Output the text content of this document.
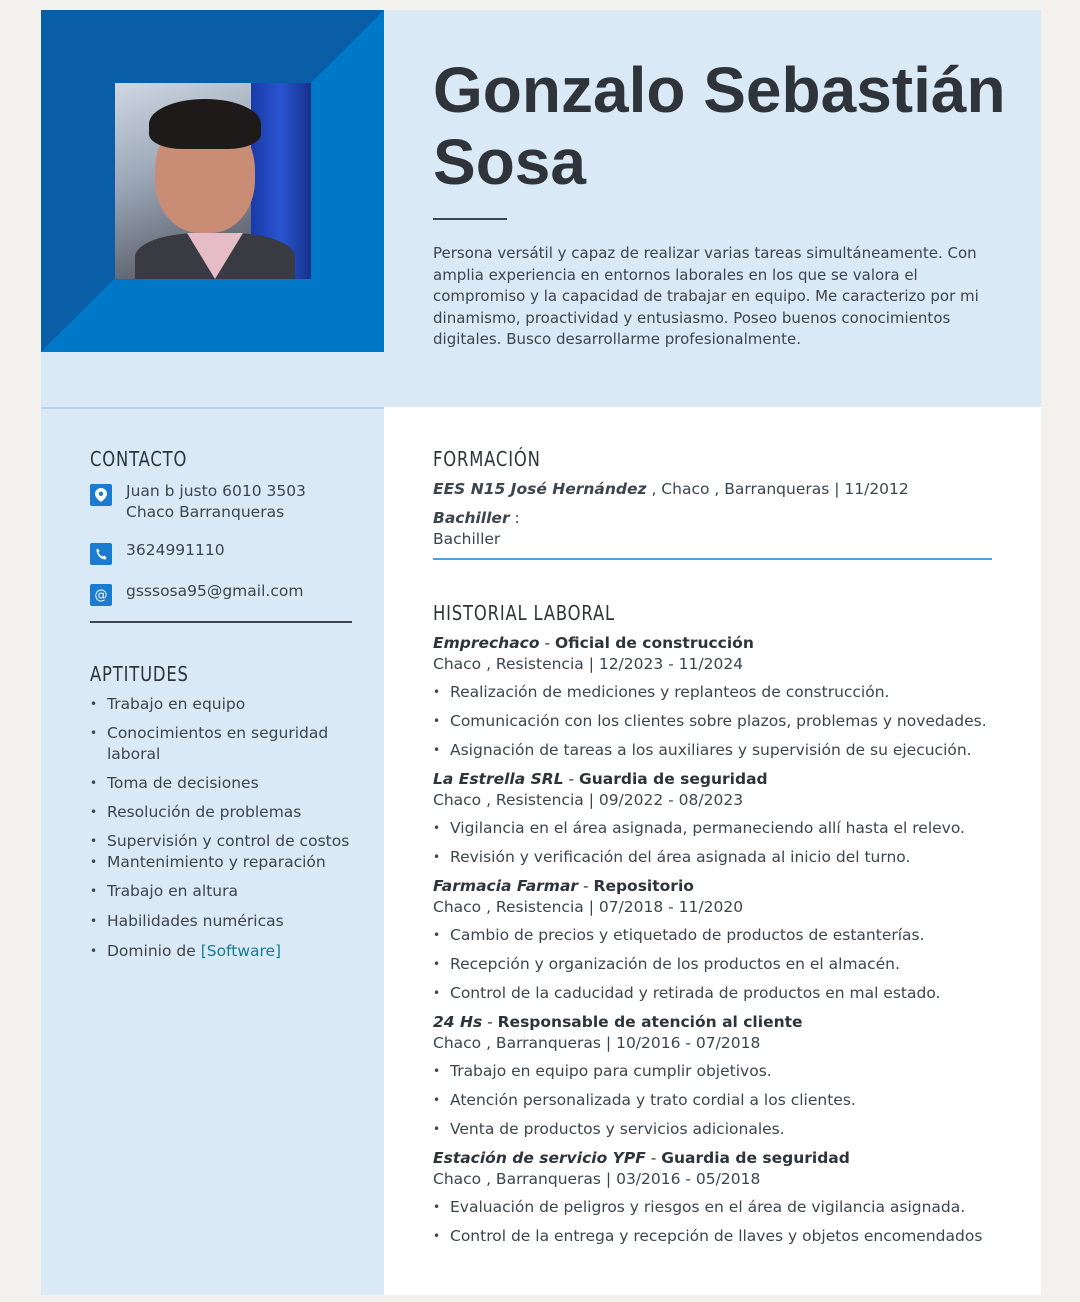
Gonzalo Sebastián Sosa

Persona versátil y capaz de realizar varias tareas simultáneamente. Con amplia experiencia en entornos laborales en los que se valora el compromiso y la capacidad de trabajar en equipo. Me caracterizo por mi dinamismo, proactividad y entusiasmo. Poseo buenos conocimientos digitales. Busco desarrollarme profesionalmente.

CONTACTO
Juan b justo 6010 3503
Chaco Barranqueras
3624991110
@ gsssosa95@gmail.com
APTITUDES
• Trabajo en equipo
• Conocimientos en seguridad laboral
• Toma de decisiones
• Resolución de problemas
• Supervisión y control de costos
• Mantenimiento y reparación
• Trabajo en altura
• Habilidades numéricas
• Dominio de [Software]
FORMACIÓN
EES N15 José Hernández , Chaco , Barranqueras | 11/2012
Bachiller :
Bachiller
HISTORIAL LABORAL
Emprechaco - Oficial de construcción
Chaco , Resistencia | 12/2023 - 11/2024
• Realización de mediciones y replanteos de construcción.
• Comunicación con los clientes sobre plazos, problemas y novedades.
• Asignación de tareas a los auxiliares y supervisión de su ejecución.
La Estrella SRL - Guardia de seguridad
Chaco , Resistencia | 09/2022 - 08/2023
• Vigilancia en el área asignada, permaneciendo allí hasta el relevo.
• Revisión y verificación del área asignada al inicio del turno.
Farmacia Farmar - Repositorio
Chaco , Resistencia | 07/2018 - 11/2020
• Cambio de precios y etiquetado de productos de estanterías.
• Recepción y organización de los productos en el almacén.
• Control de la caducidad y retirada de productos en mal estado.
24 Hs - Responsable de atención al cliente
Chaco , Barranqueras | 10/2016 - 07/2018
• Trabajo en equipo para cumplir objetivos.
• Atención personalizada y trato cordial a los clientes.
• Venta de productos y servicios adicionales.
Estación de servicio YPF - Guardia de seguridad
Chaco , Barranqueras | 03/2016 - 05/2018
• Evaluación de peligros y riesgos en el área de vigilancia asignada.
• Control de la entrega y recepción de llaves y objetos encomendados
